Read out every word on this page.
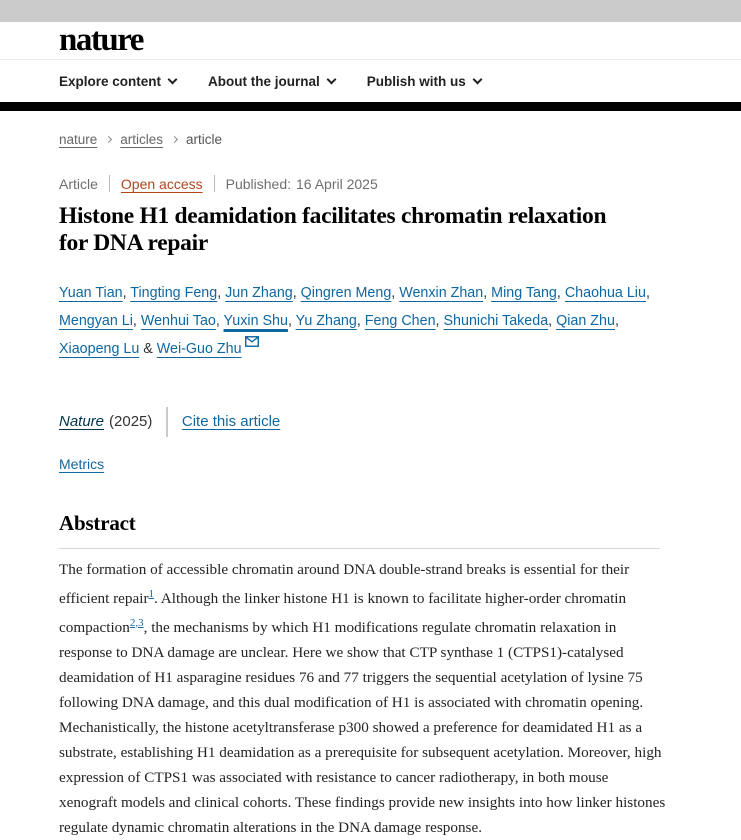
nature
Explore content	About the journal	Publish with us
nature articles article
Article Open access Published: 16 April 2025
Histone H1 deamidation facilitates chromatin relaxation for DNA repair
Yuan Tian, Tingting Feng, Jun Zhang, Qingren Meng, Wenxin Zhan, Ming Tang, Chaohua Liu, Mengyan Li, Wenhui Tao, Yuxin Shu, Yu Zhang, Feng Chen, Shunichi Takeda, Qian Zhu, Xiaopeng Lu & Wei-Guo Zhu
Nature (2025) Cite this article
Metrics
Abstract

The formation of accessible chromatin around DNA double-strand breaks is essential for their efficient repair$^1$. Although the linker histone H1 is known to facilitate higher-order chromatin compaction$^{2,3}$, the mechanisms by which H1 modifications regulate chromatin relaxation in response to DNA damage are unclear. Here we show that CTP synthase 1 (CTPS1)-catalysed deamidation of H1 asparagine residues 76 and 77 triggers the sequential acetylation of lysine 75 following DNA damage, and this dual modification of H1 is associated with chromatin opening. Mechanistically, the histone acetyltransferase p300 showed a preference for deamidated H1 as a substrate, establishing H1 deamidation as a prerequisite for subsequent acetylation. Moreover, high expression of CTPS1 was associated with resistance to cancer radiotherapy, in both mouse xenograft models and clinical cohorts. These findings provide new insights into how linker histones regulate dynamic chromatin alterations in the DNA damage response.
